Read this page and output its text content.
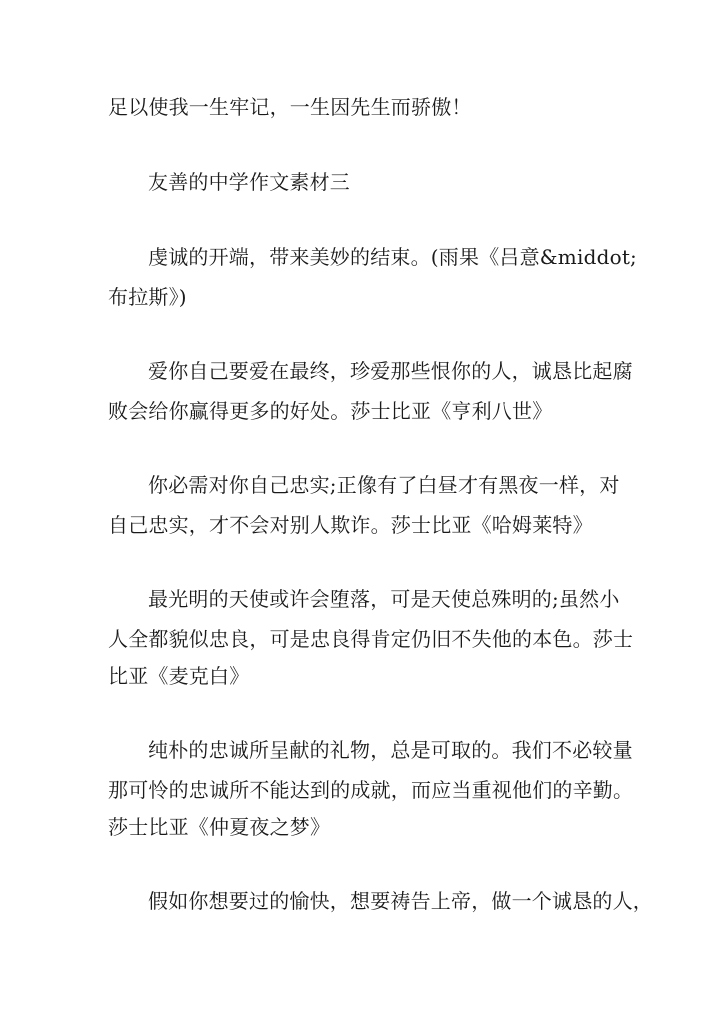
足以使我一生牢记，一生因先生而骄傲！
友善的中学作文素材三
虔诚的开端，带来美妙的结束。(雨果《吕意&middot;
布拉斯》)
爱你自己要爱在最终，珍爱那些恨你的人，诚恳比起腐
败会给你赢得更多的好处。莎士比亚《亨利八世》
你必需对你自己忠实;正像有了白昼才有黑夜一样，对
自己忠实，才不会对别人欺诈。莎士比亚《哈姆莱特》
最光明的天使或许会堕落，可是天使总殊明的;虽然小
人全都貌似忠良，可是忠良得肯定仍旧不失他的本色。莎士
比亚《麦克白》
纯朴的忠诚所呈献的礼物，总是可取的。我们不必较量
那可怜的忠诚所不能达到的成就，而应当重视他们的辛勤。
莎士比亚《仲夏夜之梦》
假如你想要过的愉快，想要祷告上帝，做一个诚恳的人，
